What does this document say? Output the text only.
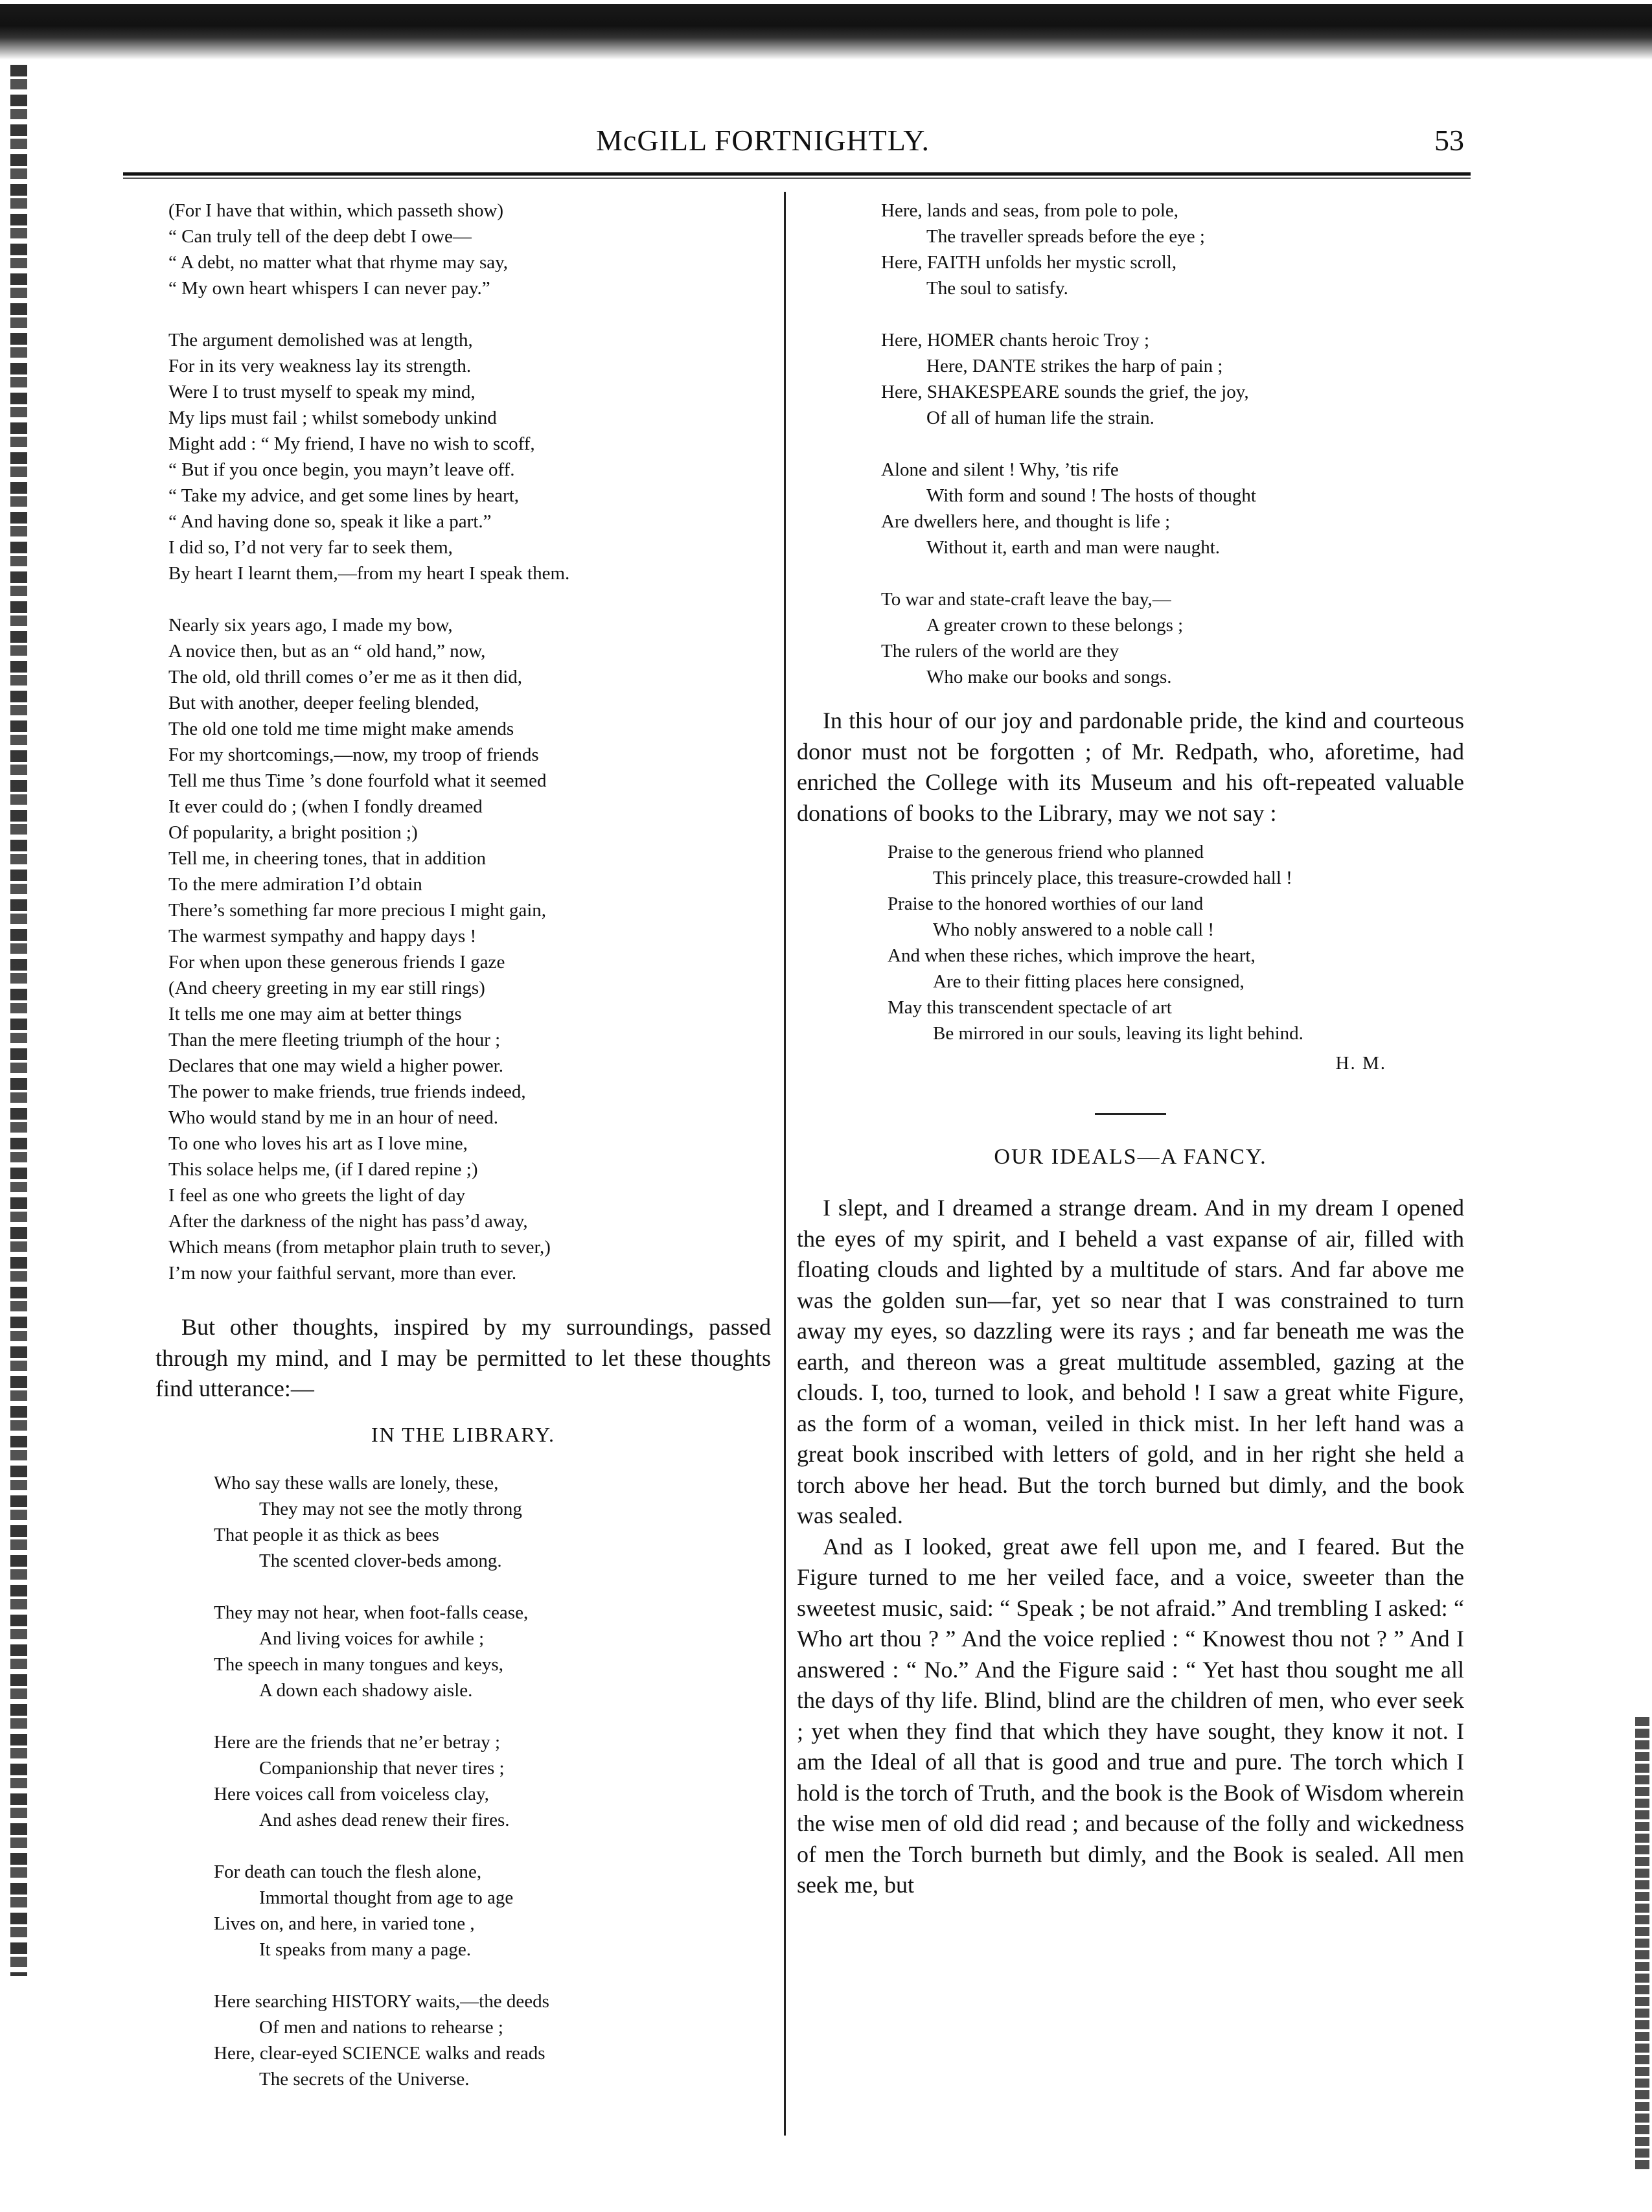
McGILL FORTNIGHTLY.	53
(For I have that within, which passeth show)
“ Can truly tell of the deep debt I owe—
“ A debt, no matter what that rhyme may say,
“ My own heart whispers I can never pay.”
The argument demolished was at length,
For in its very weakness lay its strength.
Were I to trust myself to speak my mind,
My lips must fail ; whilst somebody unkind
Might add : “ My friend, I have no wish to scoff,
“ But if you once begin, you mayn’t leave off.
“ Take my advice, and get some lines by heart,
“ And having done so, speak it like a part.”
I did so, I’d not very far to seek them,
By heart I learnt them,—from my heart I speak them.
Nearly six years ago, I made my bow,
A novice then, but as an “ old hand,” now,
The old, old thrill comes o’er me as it then did,
But with another, deeper feeling blended,
The old one told me time might make amends
For my shortcomings,—now, my troop of friends
Tell me thus Time ’s done fourfold what it seemed
It ever could do ; (when I fondly dreamed
Of popularity, a bright position ;)
Tell me, in cheering tones, that in addition
To the mere admiration I’d obtain
There’s something far more precious I might gain,
The warmest sympathy and happy days !
For when upon these generous friends I gaze
(And cheery greeting in my ear still rings)
It tells me one may aim at better things
Than the mere fleeting triumph of the hour ;
Declares that one may wield a higher power.
The power to make friends, true friends indeed,
Who would stand by me in an hour of need.
To one who loves his art as I love mine,
This solace helps me, (if I dared repine ;)
I feel as one who greets the light of day
After the darkness of the night has pass’d away,
Which means (from metaphor plain truth to sever,)
I’m now your faithful servant, more than ever.

But other thoughts, inspired by my surroundings, passed through my mind, and I may be permitted to let these thoughts find utterance:—

IN THE LIBRARY.
Who say these walls are lonely, these,
They may not see the motly throng
That people it as thick as bees
The scented clover-beds among.
They may not hear, when foot-falls cease,
And living voices for awhile ;
The speech in many tongues and keys,
A down each shadowy aisle.
Here are the friends that ne’er betray ;
Companionship that never tires ;
Here voices call from voiceless clay,
And ashes dead renew their fires.
For death can touch the flesh alone,
Immortal thought from age to age
Lives on, and here, in varied tone ,
It speaks from many a page.
Here searching HISTORY waits,—the deeds
Of men and nations to rehearse ;
Here, clear-eyed SCIENCE walks and reads
The secrets of the Universe.
Here, lands and seas, from pole to pole,
The traveller spreads before the eye ;
Here, FAITH unfolds her mystic scroll,
The soul to satisfy.
Here, HOMER chants heroic Troy ;
Here, DANTE strikes the harp of pain ;
Here, SHAKESPEARE sounds the grief, the joy,
Of all of human life the strain.
Alone and silent ! Why, ’tis rife
With form and sound ! The hosts of thought
Are dwellers here, and thought is life ;
Without it, earth and man were naught.
To war and state-craft leave the bay,—
A greater crown to these belongs ;
The rulers of the world are they
Who make our books and songs.

In this hour of our joy and pardonable pride, the kind and courteous donor must not be forgotten ; of Mr. Redpath, who, aforetime, had enriched the College with its Museum and his oft-repeated valuable donations of books to the Library, may we not say :

Praise to the generous friend who planned
This princely place, this treasure-crowded hall !
Praise to the honored worthies of our land
Who nobly answered to a noble call !
And when these riches, which improve the heart,
Are to their fitting places here consigned,
May this transcendent spectacle of art
Be mirrored in our souls, leaving its light behind.
H. M.
OUR IDEALS—A FANCY.

I slept, and I dreamed a strange dream. And in my dream I opened the eyes of my spirit, and I beheld a vast expanse of air, filled with floating clouds and lighted by a multitude of stars. And far above me was the golden sun—far, yet so near that I was constrained to turn away my eyes, so dazzling were its rays ; and far beneath me was the earth, and thereon was a great multitude assembled, gazing at the clouds. I, too, turned to look, and behold ! I saw a great white Figure, as the form of a woman, veiled in thick mist. In her left hand was a great book inscribed with letters of gold, and in her right she held a torch above her head. But the torch burned but dimly, and the book was sealed.

And as I looked, great awe fell upon me, and I feared. But the Figure turned to me her veiled face, and a voice, sweeter than the sweetest music, said: “ Speak ; be not afraid.” And trembling I asked: “ Who art thou ? ” And the voice replied : “ Knowest thou not ? ” And I answered : “ No.” And the Figure said : “ Yet hast thou sought me all the days of thy life. Blind, blind are the children of men, who ever seek ; yet when they find that which they have sought, they know it not. I am the Ideal of all that is good and true and pure. The torch which I hold is the torch of Truth, and the book is the Book of Wisdom wherein the wise men of old did read ; and because of the folly and wickedness of men the Torch burneth but dimly, and the Book is sealed. All men seek me, but
